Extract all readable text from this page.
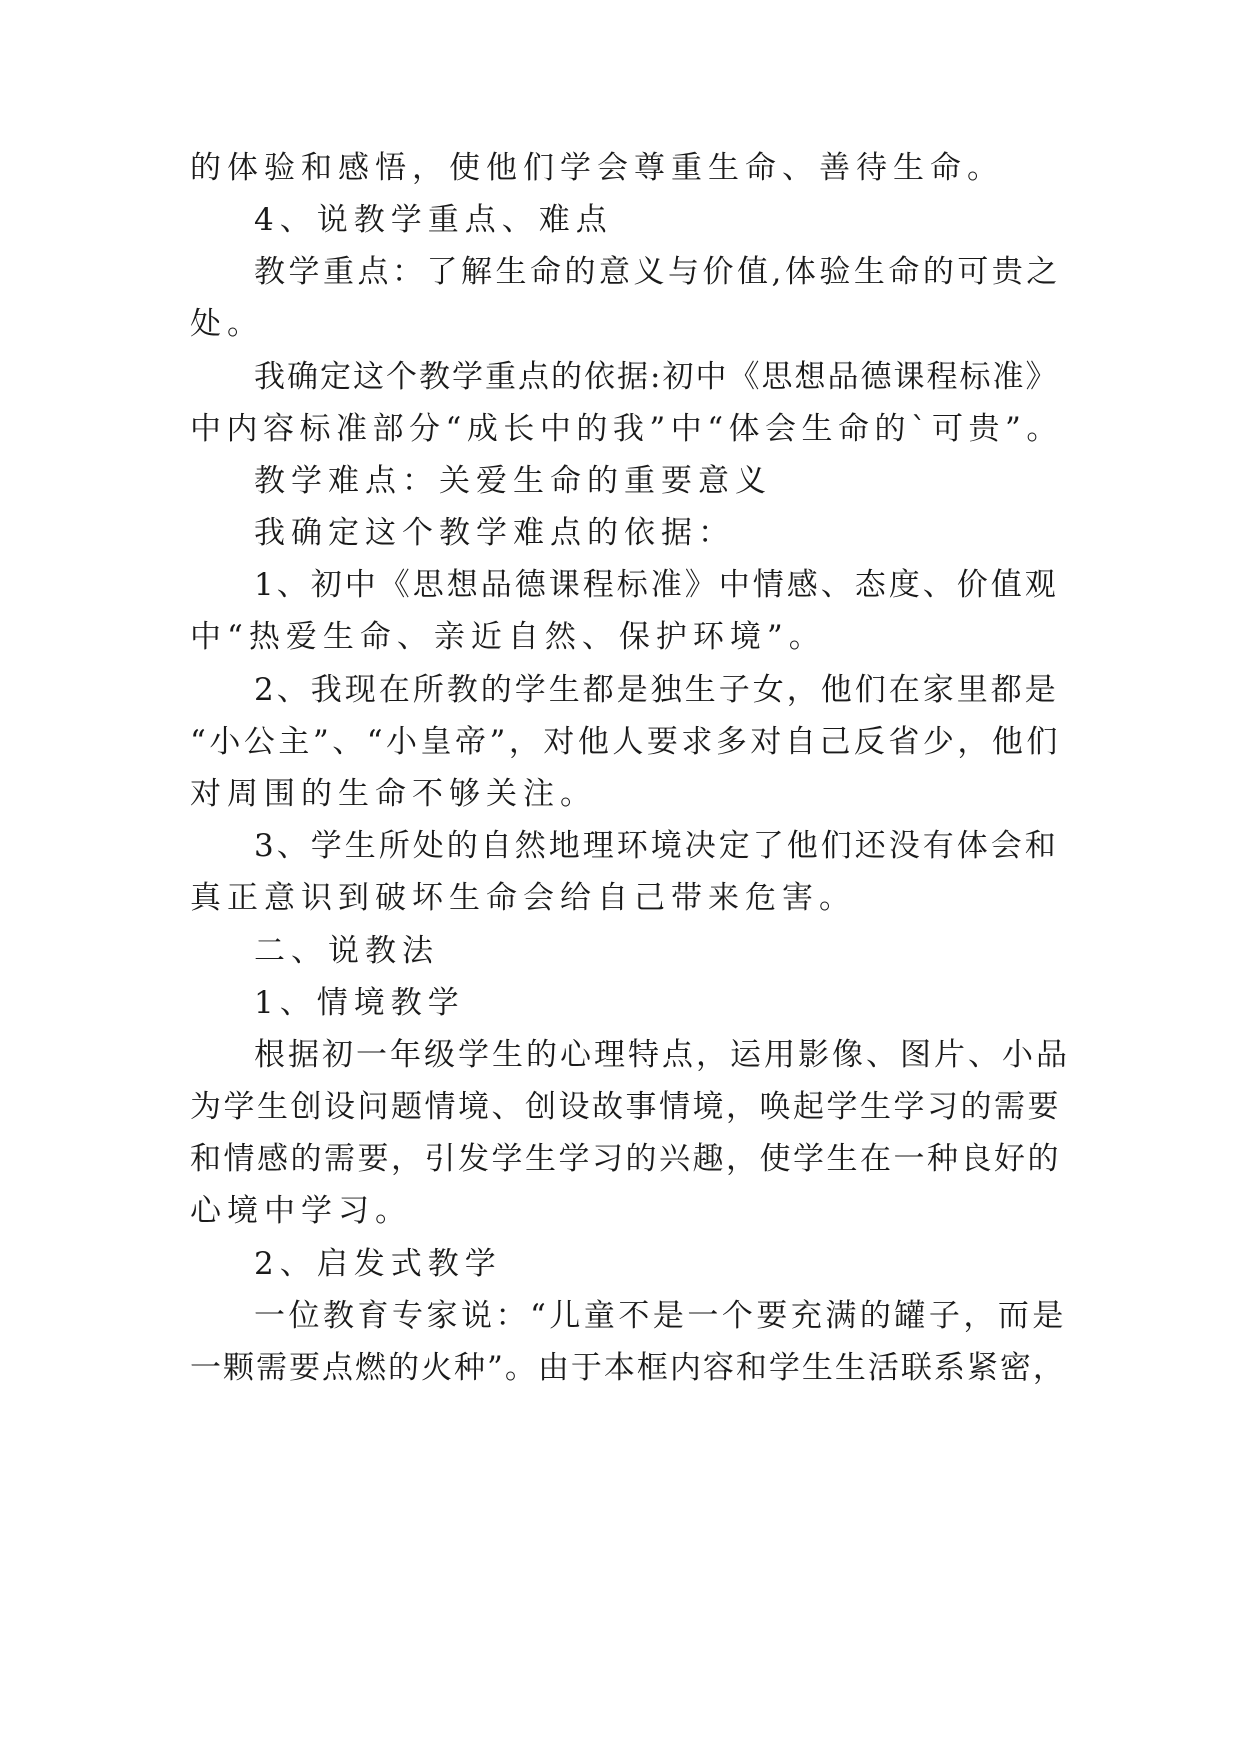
的体验和感悟，使他们学会尊重生命、善待生命。
4、说教学重点、难点
教学重点：了解生命的意义与价值,体验生命的可贵之
处。
我确定这个教学重点的依据:初中《思想品德课程标准》
中内容标准部分“成长中的我”中“体会生命的`可贵”。
教学难点：关爱生命的重要意义
我确定这个教学难点的依据：
1、初中《思想品德课程标准》中情感、态度、价值观
中“热爱生命、亲近自然、保护环境”。
2、我现在所教的学生都是独生子女，他们在家里都是
“小公主”、“小皇帝”，对他人要求多对自己反省少，他们
对周围的生命不够关注。
3、学生所处的自然地理环境决定了他们还没有体会和
真正意识到破坏生命会给自己带来危害。
二、说教法
1、情境教学
根据初一年级学生的心理特点，运用影像、图片、小品
为学生创设问题情境、创设故事情境，唤起学生学习的需要
和情感的需要，引发学生学习的兴趣，使学生在一种良好的
心境中学习。
2、启发式教学
一位教育专家说：“儿童不是一个要充满的罐子，而是
一颗需要点燃的火种”。由于本框内容和学生生活联系紧密，
